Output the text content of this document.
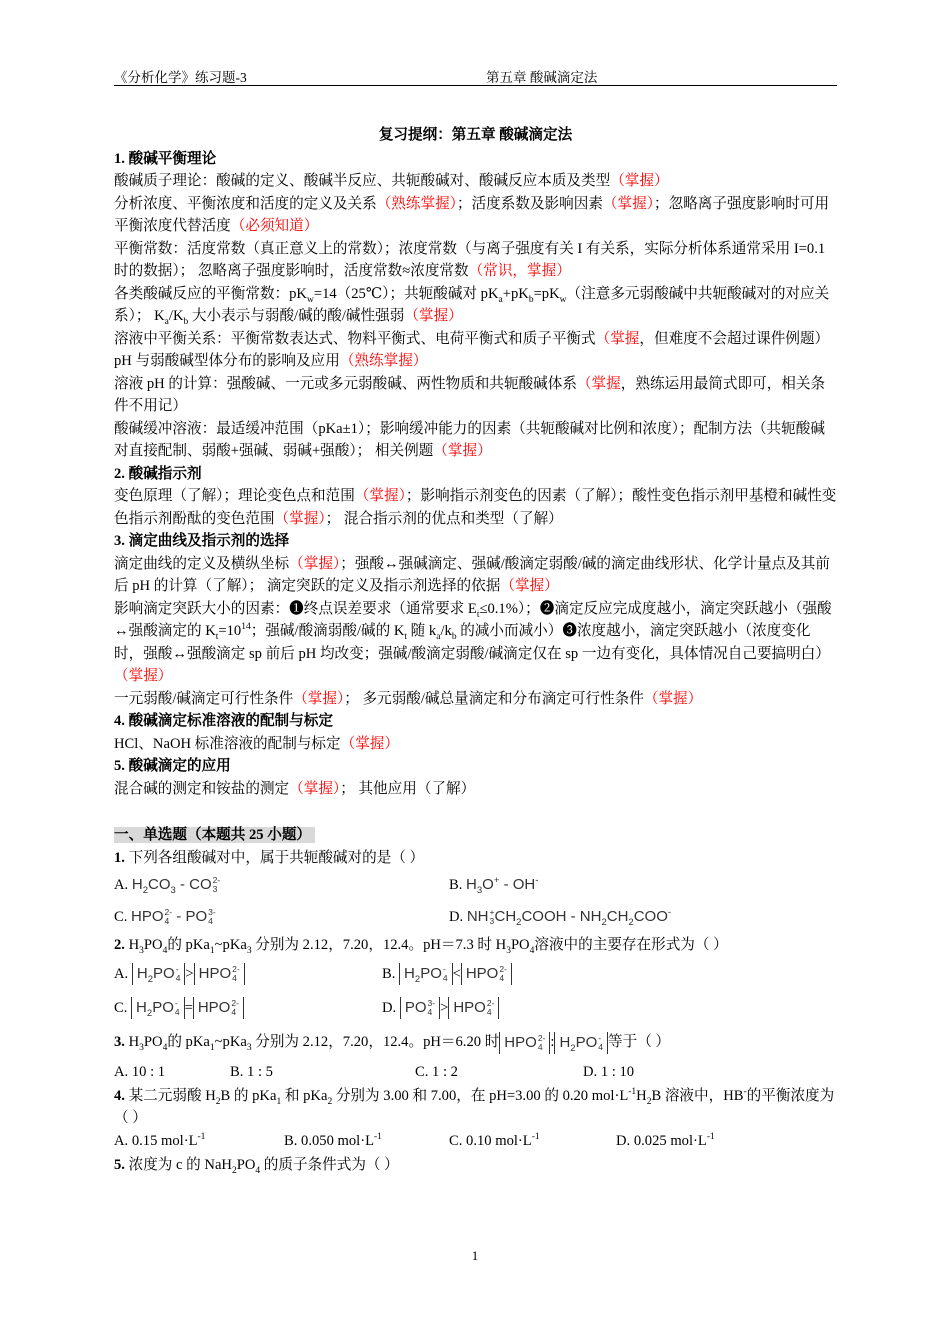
《分析化学》练习题-3	第五章 酸碱滴定法

复习提纲：第五章 酸碱滴定法

1. 酸碱平衡理论

酸碱质子理论：酸碱的定义、酸碱半反应、共轭酸碱对、酸碱反应本质及类型（掌握）

分析浓度、平衡浓度和活度的定义及关系（熟练掌握）；活度系数及影响因素（掌握）；忽略离子强度影响时可用平衡浓度代替活度（必须知道）

平衡常数：活度常数（真正意义上的常数）；浓度常数（与离子强度有关 I 有关系，实际分析体系通常采用 I=0.1 时的数据）； 忽略离子强度影响时，活度常数≈浓度常数（常识，掌握）

各类酸碱反应的平衡常数：$pK_w=14(25℃)$；共轭酸碱对 $pK_a+pK_b=pK_w$（注意多元弱酸碱中共轭酸碱对的对应关系）； $K_a/K_b$ 大小表示与弱酸/碱的酸/碱性强弱（掌握）

溶液中平衡关系：平衡常数表达式、物料平衡式、电荷平衡式和质子平衡式（掌握，但难度不会超过课件例题）

pH 与弱酸碱型体分布的影响及应用（熟练掌握）

溶液 pH 的计算：强酸碱、一元或多元弱酸碱、两性物质和共轭酸碱体系（掌握，熟练运用最简式即可，相关条件不用记）

酸碱缓冲溶液：最适缓冲范围（pKa±1）；影响缓冲能力的因素（共轭酸碱对比例和浓度）；配制方法（共轭酸碱对直接配制、弱酸+强碱、弱碱+强酸）； 相关例题（掌握）

2. 酸碱指示剂

变色原理（了解）；理论变色点和范围（掌握）；影响指示剂变色的因素（了解）；酸性变色指示剂甲基橙和碱性变色指示剂酚酞的变色范围（掌握）； 混合指示剂的优点和类型（了解）

3. 滴定曲线及指示剂的选择

滴定曲线的定义及横纵坐标（掌握）；强酸↔强碱滴定、强碱/酸滴定弱酸/碱的滴定曲线形状、化学计量点及其前后 pH 的计算（了解）； 滴定突跃的定义及指示剂选择的依据（掌握）

影响滴定突跃大小的因素：❶终点误差要求（通常要求 $E_t\le 0.1\%$）；❷滴定反应完成度越小，滴定突跃越小（强酸↔强酸滴定的 $K_t=10^{14}$；强碱/酸滴弱酸/碱的 $K_t$ 随 $k_a/k_b$ 的减小而减小）❸浓度越小，滴定突跃越小（浓度变化时，强酸↔强酸滴定 sp 前后 pH 均改变；强碱/酸滴定弱酸/碱滴定仅在 sp 一边有变化，具体情况自己要搞明白）（掌握）

一元弱酸/碱滴定可行性条件（掌握）； 多元弱酸/碱总量滴定和分布滴定可行性条件（掌握）

4. 酸碱滴定标准溶液的配制与标定

HCl、NaOH 标准溶液的配制与标定（掌握）

5. 酸碱滴定的应用

混合碱的测定和铵盐的测定（掌握）； 其他应用（了解）

一、单选题（本题共 25 小题）

1. 下列各组酸碱对中，属于共轭酸碱对的是（ ）

A. $H_2CO_3$ - CO 2-
3	B. $H_3O^+ - OH^-$
C. HPO 2-
4 - PO 3-
4	D. NH +
3 $CH_2COOH - NH_2CH_2COO^-$

2. $H_3PO_4$的 pKa$_1$~pKa$_3$ 分别为 2.12，7.20，12.4。pH＝7.3 时 $H_3PO_4$溶液中的主要存在形式为（ ）

A. $H_2PO$ -
4 > HPO 2-
4	B. $H_2PO$ -
4 < HPO 2-
4
C. $H_2PO$ -
4 = HPO 2-
4	D. PO 3-
4 > HPO 2-
4
3. $H_3PO_4$的 pKa$_1$~pKa$_3$ 分别为 2.12，7.20，12.4。pH＝6.20 时 HPO 2-
4 : $H_2PO$ -
4 等于（ ）
A. 10 : 1	B. 1 : 5	C. 1 : 2	D. 1 : 10

4. 某二元弱酸 $H_2B$ 的 pKa$_1$ 和 pKa$_2$ 分别为 3.00 和 7.00，在 pH=3.00 的 0.20 $mol\cdot L^{-1}H_2B$ 溶液中，HB-的平衡浓度为（ ）

A. 0.15 $mol\cdot L^{-1}$	B. 0.050 $mol\cdot L^{-1}$	C. 0.10 $mol\cdot L^{-1}$	D. 0.025 $mol\cdot L^{-1}$

5. 浓度为 c 的 $NaH_2PO_4$ 的质子条件式为（ ）

1
